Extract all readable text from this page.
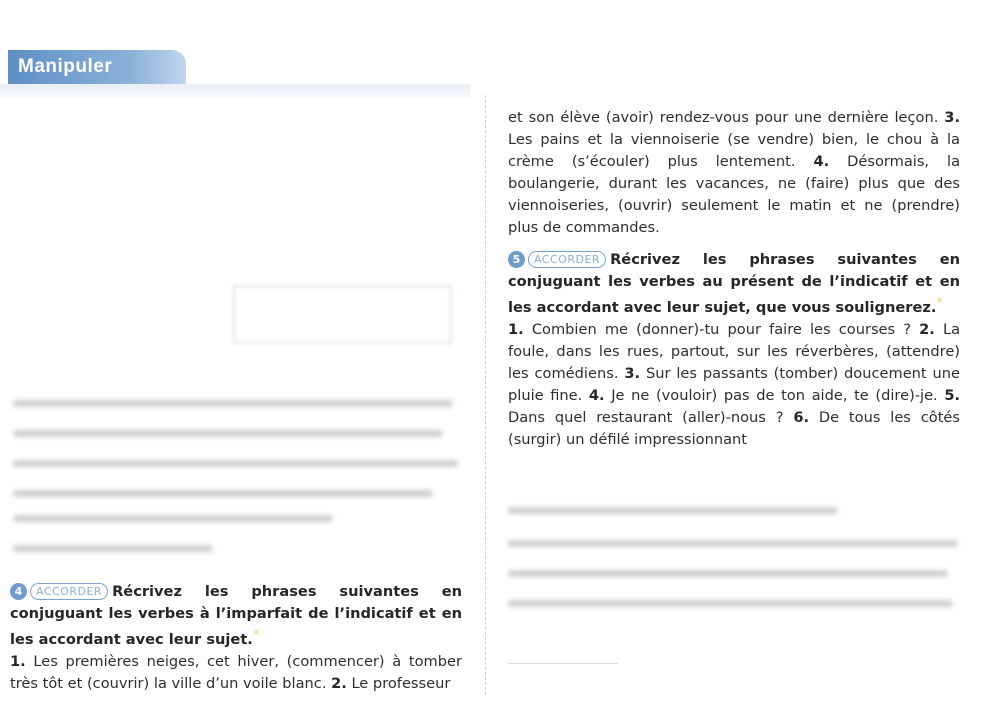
Manipuler

et son élève (avoir) rendez-vous pour une dernière leçon. 3. Les pains et la viennoiserie (se vendre) bien, le chou à la crème (s’écouler) plus lentement. 4. Désormais, la boulangerie, durant les vacances, ne (faire) plus que des viennoiseries, (ouvrir) seulement le matin et ne (prendre) plus de commandes.

5 ACCORDER Récrivez les phrases suivantes en conjuguant les verbes au présent de l’indicatif et en les accordant avec leur sujet, que vous soulignerez.*

1. Combien me (donner)-tu pour faire les courses ? 2. La foule, dans les rues, partout, sur les réverbères, (attendre) les comédiens. 3. Sur les passants (tomber) doucement une pluie fine. 4. Je ne (vouloir) pas de ton aide, te (dire)-je. 5. Dans quel restaurant (aller)-nous ? 6. De tous les côtés (surgir) un défilé impressionnant

4 ACCORDER Récrivez les phrases suivantes en conjuguant les verbes à l’imparfait de l’indicatif et en les accordant avec leur sujet.*

1. Les premières neiges, cet hiver, (commencer) à tomber très tôt et (couvrir) la ville d’un voile blanc. 2. Le professeur
